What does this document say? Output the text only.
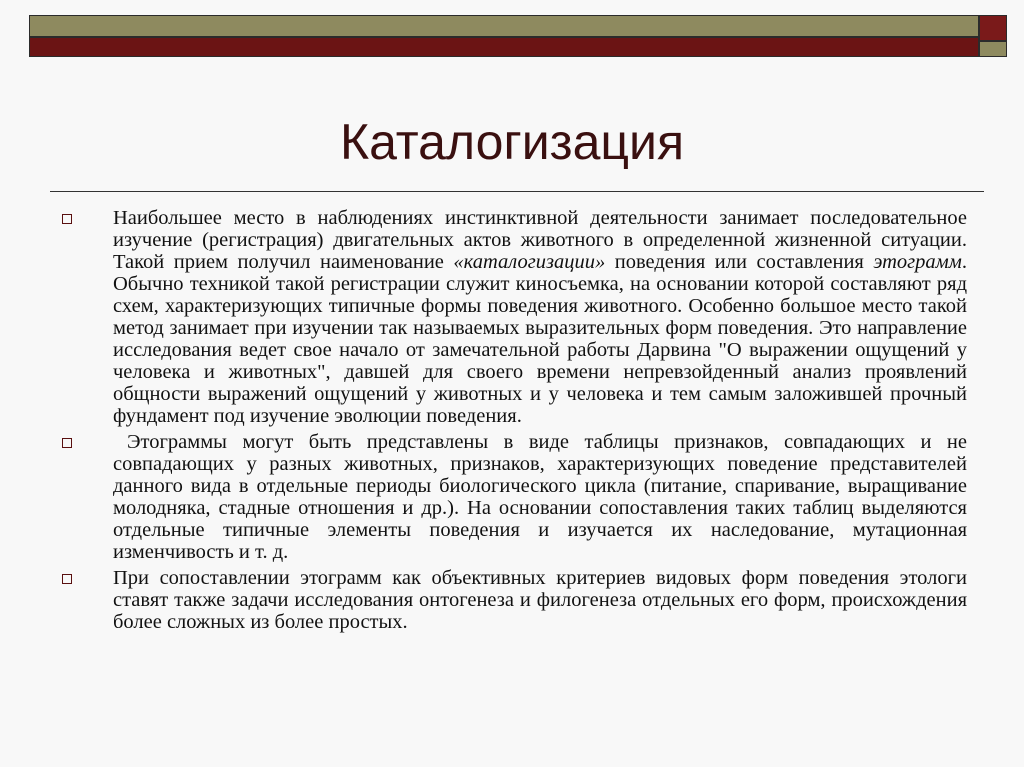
Каталогизация
Наибольшее место в наблюдениях инстинктивной деятельности занимает последовательное изучение (регистрация) двигательных актов животного в определенной жизненной ситуации. Такой прием получил наименование «каталогизации» поведения или составления этограмм. Обычно техникой такой регистрации служит киносъемка, на основании которой составляют ряд схем, характеризующих типичные формы поведения животного. Особенно большое место такой метод занимает при изучении так называемых выразительных форм поведения. Это направление исследования ведет свое начало от замечательной работы Дарвина "О выражении ощущений у человека и животных", давшей для своего времени непревзойденный анализ проявлений общности выражений ощущений у животных и у человека и тем самым заложившей прочный фундамент под изучение эволюции поведения.
Этограммы могут быть представлены в виде таблицы признаков, совпадающих и не совпадающих у разных животных, признаков, характеризующих поведение представителей данного вида в отдельные периоды биологического цикла (питание, спаривание, выращивание молодняка, стадные отношения и др.). На основании сопоставления таких таблиц выделяются отдельные типичные элементы поведения и изучается их наследование, мутационная изменчивость и т. д.
При сопоставлении этограмм как объективных критериев видовых форм поведения этологи ставят также задачи исследования онтогенеза и филогенеза отдельных его форм, происхождения более сложных из более простых.
